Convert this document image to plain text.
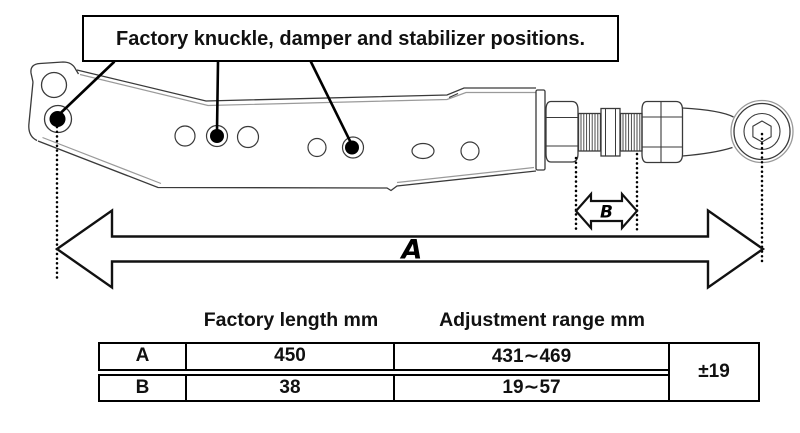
B
A
Factory knuckle, damper and stabilizer positions.
Factory length mm	Adjustment range mm
A	450	431∼469
±19
B	38	19∼57
